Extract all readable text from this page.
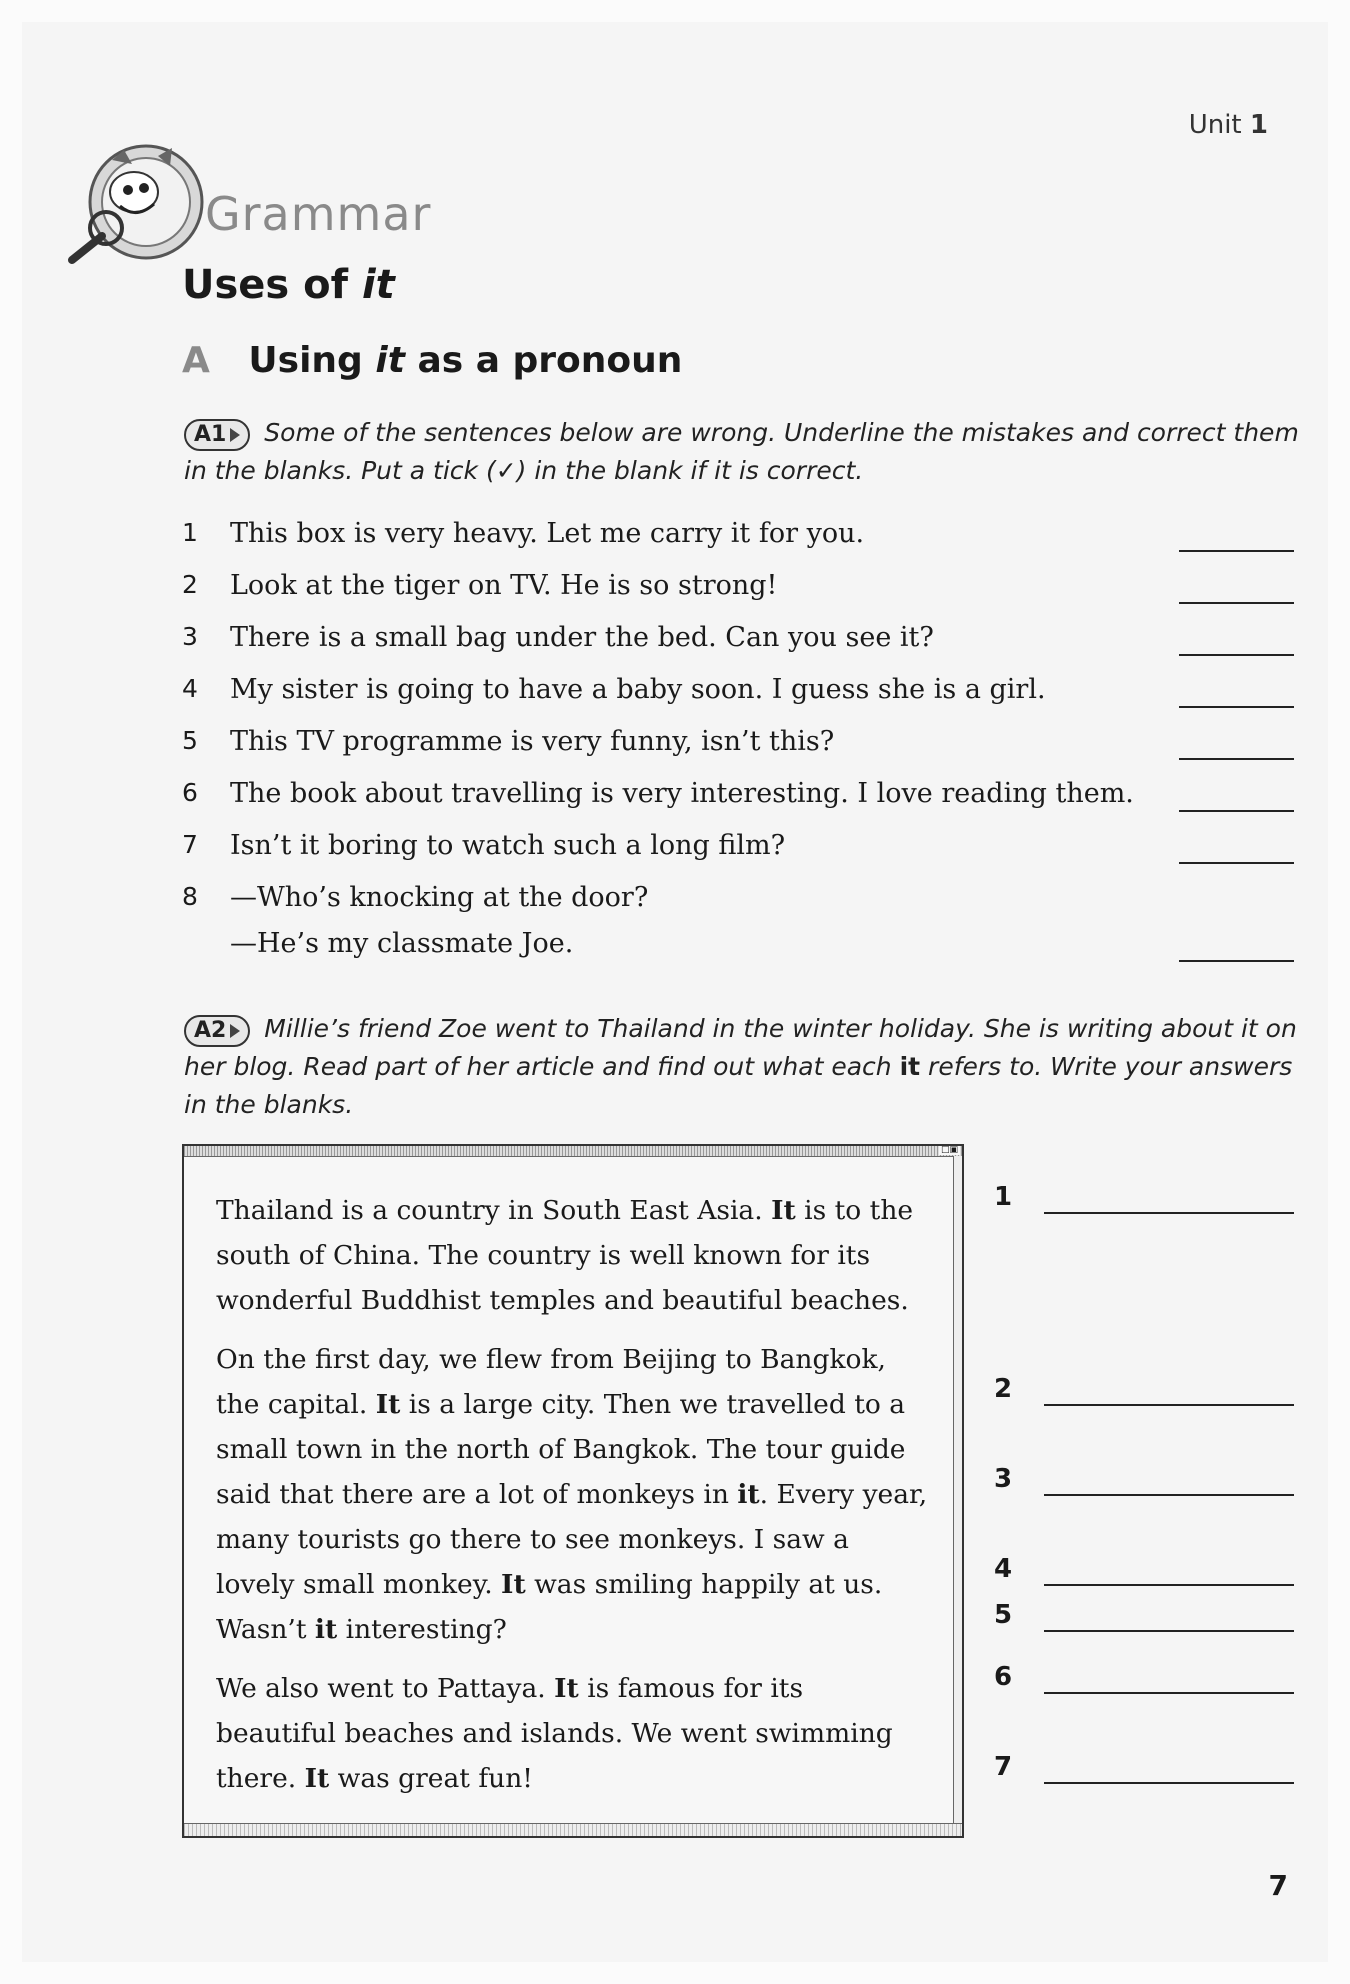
Unit 1
Grammar
Uses of it
A Using it as a pronoun
A1 Some of the sentences below are wrong. Underline the mistakes and correct them in the blanks. Put a tick (✓) in the blank if it is correct.
1 This box is very heavy. Let me carry it for you.
2 Look at the tiger on TV. He is so strong!
3 There is a small bag under the bed. Can you see it?
4 My sister is going to have a baby soon. I guess she is a girl.
5 This TV programme is very funny, isn’t this?
6 The book about travelling is very interesting. I love reading them.
7 Isn’t it boring to watch such a long film?
8 —Who’s knocking at the door?
—He’s my classmate Joe.
A2 Millie’s friend Zoe went to Thailand in the winter holiday. She is writing about it on her blog. Read part of her article and find out what each it refers to. Write your answers in the blanks.
□▣

Thailand is a country in South East Asia. It is to the south of China. The country is well known for its wonderful Buddhist temples and beautiful beaches.

On the first day, we flew from Beijing to Bangkok, the capital. It is a large city. Then we travelled to a small town in the north of Bangkok. The tour guide said that there are a lot of monkeys in it. Every year, many tourists go there to see monkeys. I saw a lovely small monkey. It was smiling happily at us. Wasn’t it interesting?

We also went to Pattaya. It is famous for its beautiful beaches and islands. We went swimming there. It was great fun!

1
2
3
4
5
6
7
7
